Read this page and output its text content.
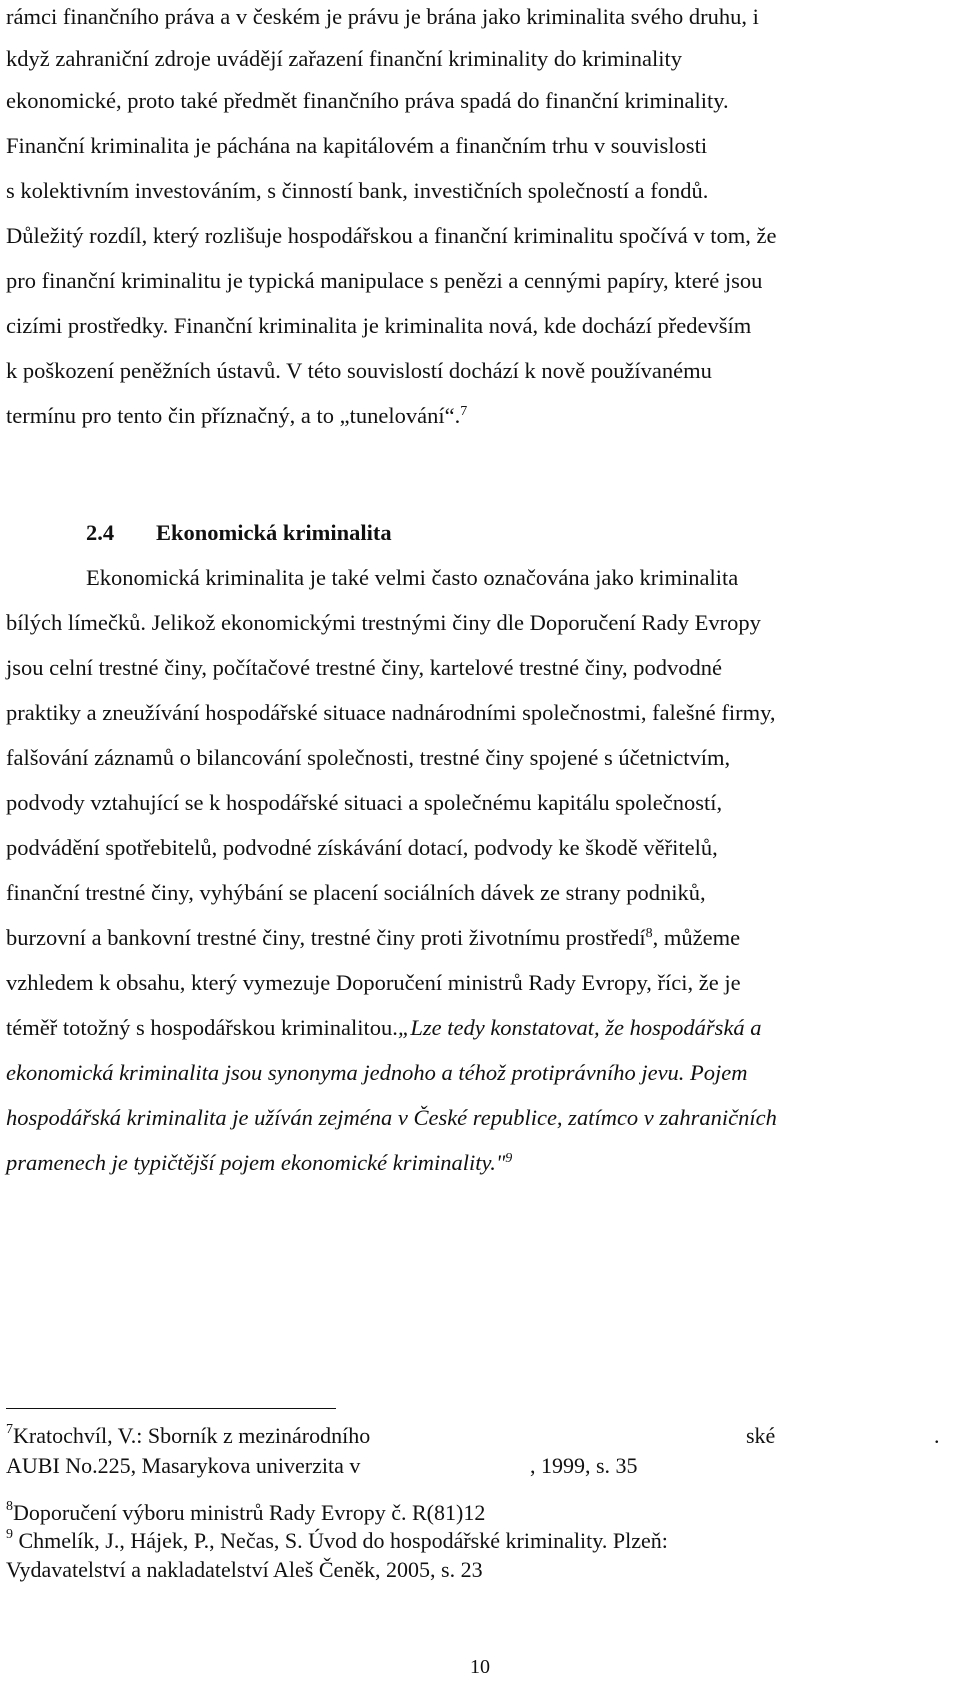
rámci finančního práva a v českém je právu je brána jako kriminalita svého druhu, i
když zahraniční zdroje uvádějí zařazení finanční kriminality do kriminality
ekonomické, proto také předmět finančního práva spadá do finanční kriminality.
Finanční kriminalita je páchána na kapitálovém a finančním trhu v souvislosti
s kolektivním investováním, s činností bank, investičních společností a fondů.
Důležitý rozdíl, který rozlišuje hospodářskou a finanční kriminalitu spočívá v tom, že
pro finanční kriminalitu je typická manipulace s penězi a cennými papíry, které jsou
cizími prostředky. Finanční kriminalita je kriminalita nová, kde dochází především
k poškození peněžních ústavů. V této souvislostí dochází k nově používanému
termínu pro tento čin příznačný, a to „tunelování“.$^7$
2.4 Ekonomická kriminalita
Ekonomická kriminalita je také velmi často označována jako kriminalita
bílých límečků. Jelikož ekonomickými trestnými činy dle Doporučení Rady Evropy
jsou celní trestné činy, počítačové trestné činy, kartelové trestné činy, podvodné
praktiky a zneužívání hospodářské situace nadnárodními společnostmi, falešné firmy,
falšování záznamů o bilancování společnosti, trestné činy spojené s účetnictvím,
podvody vztahující se k hospodářské situaci a společnému kapitálu společností,
podvádění spotřebitelů, podvodné získávání dotací, podvody ke škodě věřitelů,
finanční trestné činy, vyhýbání se placení sociálních dávek ze strany podniků,
burzovní a bankovní trestné činy, trestné činy proti životnímu prostředí$^8$, můžeme
vzhledem k obsahu, který vymezuje Doporučení ministrů Rady Evropy, říci, že je
téměř totožný s hospodářskou kriminalitou.„Lze tedy konstatovat, že hospodářská a
ekonomická kriminalita jsou synonyma jednoho a téhož protiprávního jevu. Pojem
hospodářská kriminalita je užíván zejména v České republice, zatímco v zahraničních
pramenech je typičtější pojem ekonomické kriminality."$^9$
$^7$Kratochvíl, V.: Sborník z mezinárodního	ské	.
AUBI No.225, Masarykova univerzita v	, 1999, s. 35
$^8$Doporučení výboru ministrů Rady Evropy č. R(81)12
$^9$ Chmelík, J., Hájek, P., Nečas, S. Úvod do hospodářské kriminality. Plzeň:
Vydavatelství a nakladatelství Aleš Čeněk, 2005, s. 23
10
